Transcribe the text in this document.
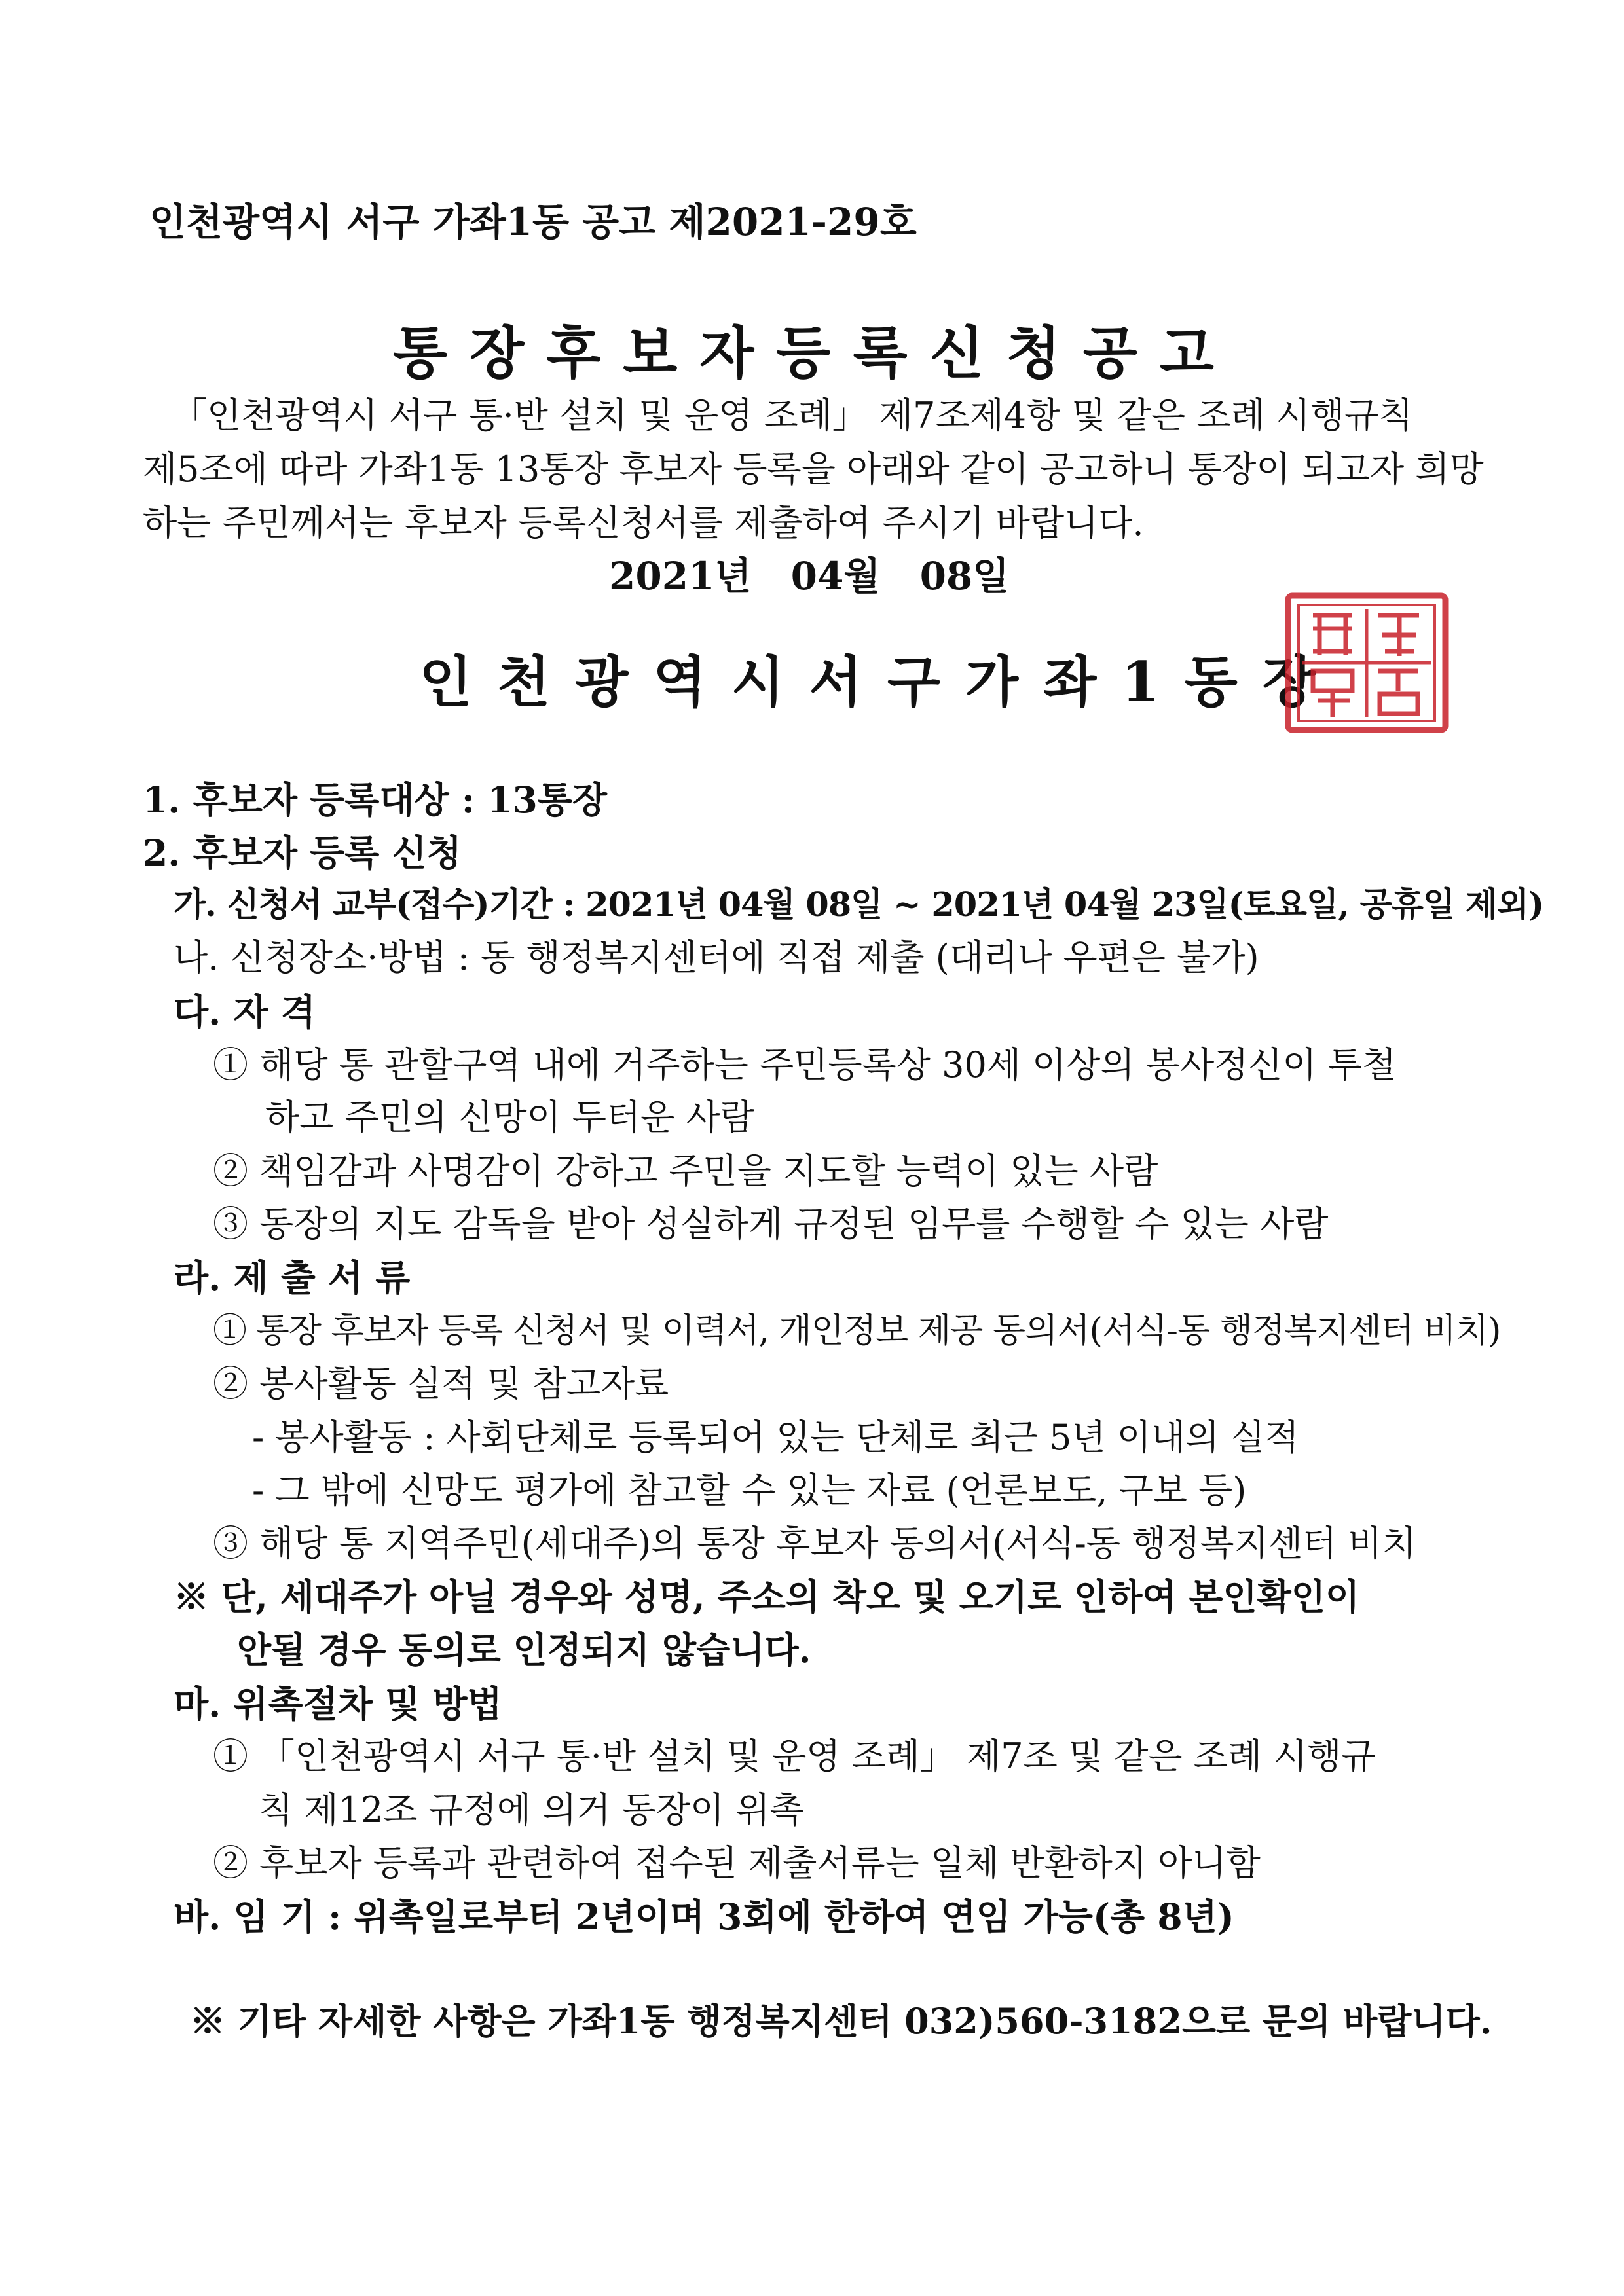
인천광역시 서구 가좌1동 공고 제2021-29호
통장후보자등록신청공고
「인천광역시 서구 통·반 설치 및 운영 조례」 제7조제4항 및 같은 조례 시행규칙
제5조에 따라 가좌1동 13통장 후보자 등록을 아래와 같이 공고하니 통장이 되고자 희망
하는 주민께서는 후보자 등록신청서를 제출하여 주시기 바랍니다.
2021년 04월 08일
인천광역시서구가좌1동장
1. 후보자 등록대상 : 13통장
2. 후보자 등록 신청
가. 신청서 교부(접수)기간 : 2021년 04월 08일 ~ 2021년 04월 23일(토요일, 공휴일 제외)
나. 신청장소·방법 : 동 행정복지센터에 직접 제출 (대리나 우편은 불가)
다. 자 격
① 해당 통 관할구역 내에 거주하는 주민등록상 30세 이상의 봉사정신이 투철
하고 주민의 신망이 두터운 사람
② 책임감과 사명감이 강하고 주민을 지도할 능력이 있는 사람
③ 동장의 지도 감독을 받아 성실하게 규정된 임무를 수행할 수 있는 사람
라. 제 출 서 류
① 통장 후보자 등록 신청서 및 이력서, 개인정보 제공 동의서(서식-동 행정복지센터 비치)
② 봉사활동 실적 및 참고자료
- 봉사활동 : 사회단체로 등록되어 있는 단체로 최근 5년 이내의 실적
- 그 밖에 신망도 평가에 참고할 수 있는 자료 (언론보도, 구보 등)
③ 해당 통 지역주민(세대주)의 통장 후보자 동의서(서식-동 행정복지센터 비치
※ 단, 세대주가 아닐 경우와 성명, 주소의 착오 및 오기로 인하여 본인확인이
안될 경우 동의로 인정되지 않습니다.
마. 위촉절차 및 방법
① 「인천광역시 서구 통·반 설치 및 운영 조례」 제7조 및 같은 조례 시행규
칙 제12조 규정에 의거 동장이 위촉
② 후보자 등록과 관련하여 접수된 제출서류는 일체 반환하지 아니함
바. 임 기 : 위촉일로부터 2년이며 3회에 한하여 연임 가능(총 8년)
※ 기타 자세한 사항은 가좌1동 행정복지센터 032)560-3182으로 문의 바랍니다.
